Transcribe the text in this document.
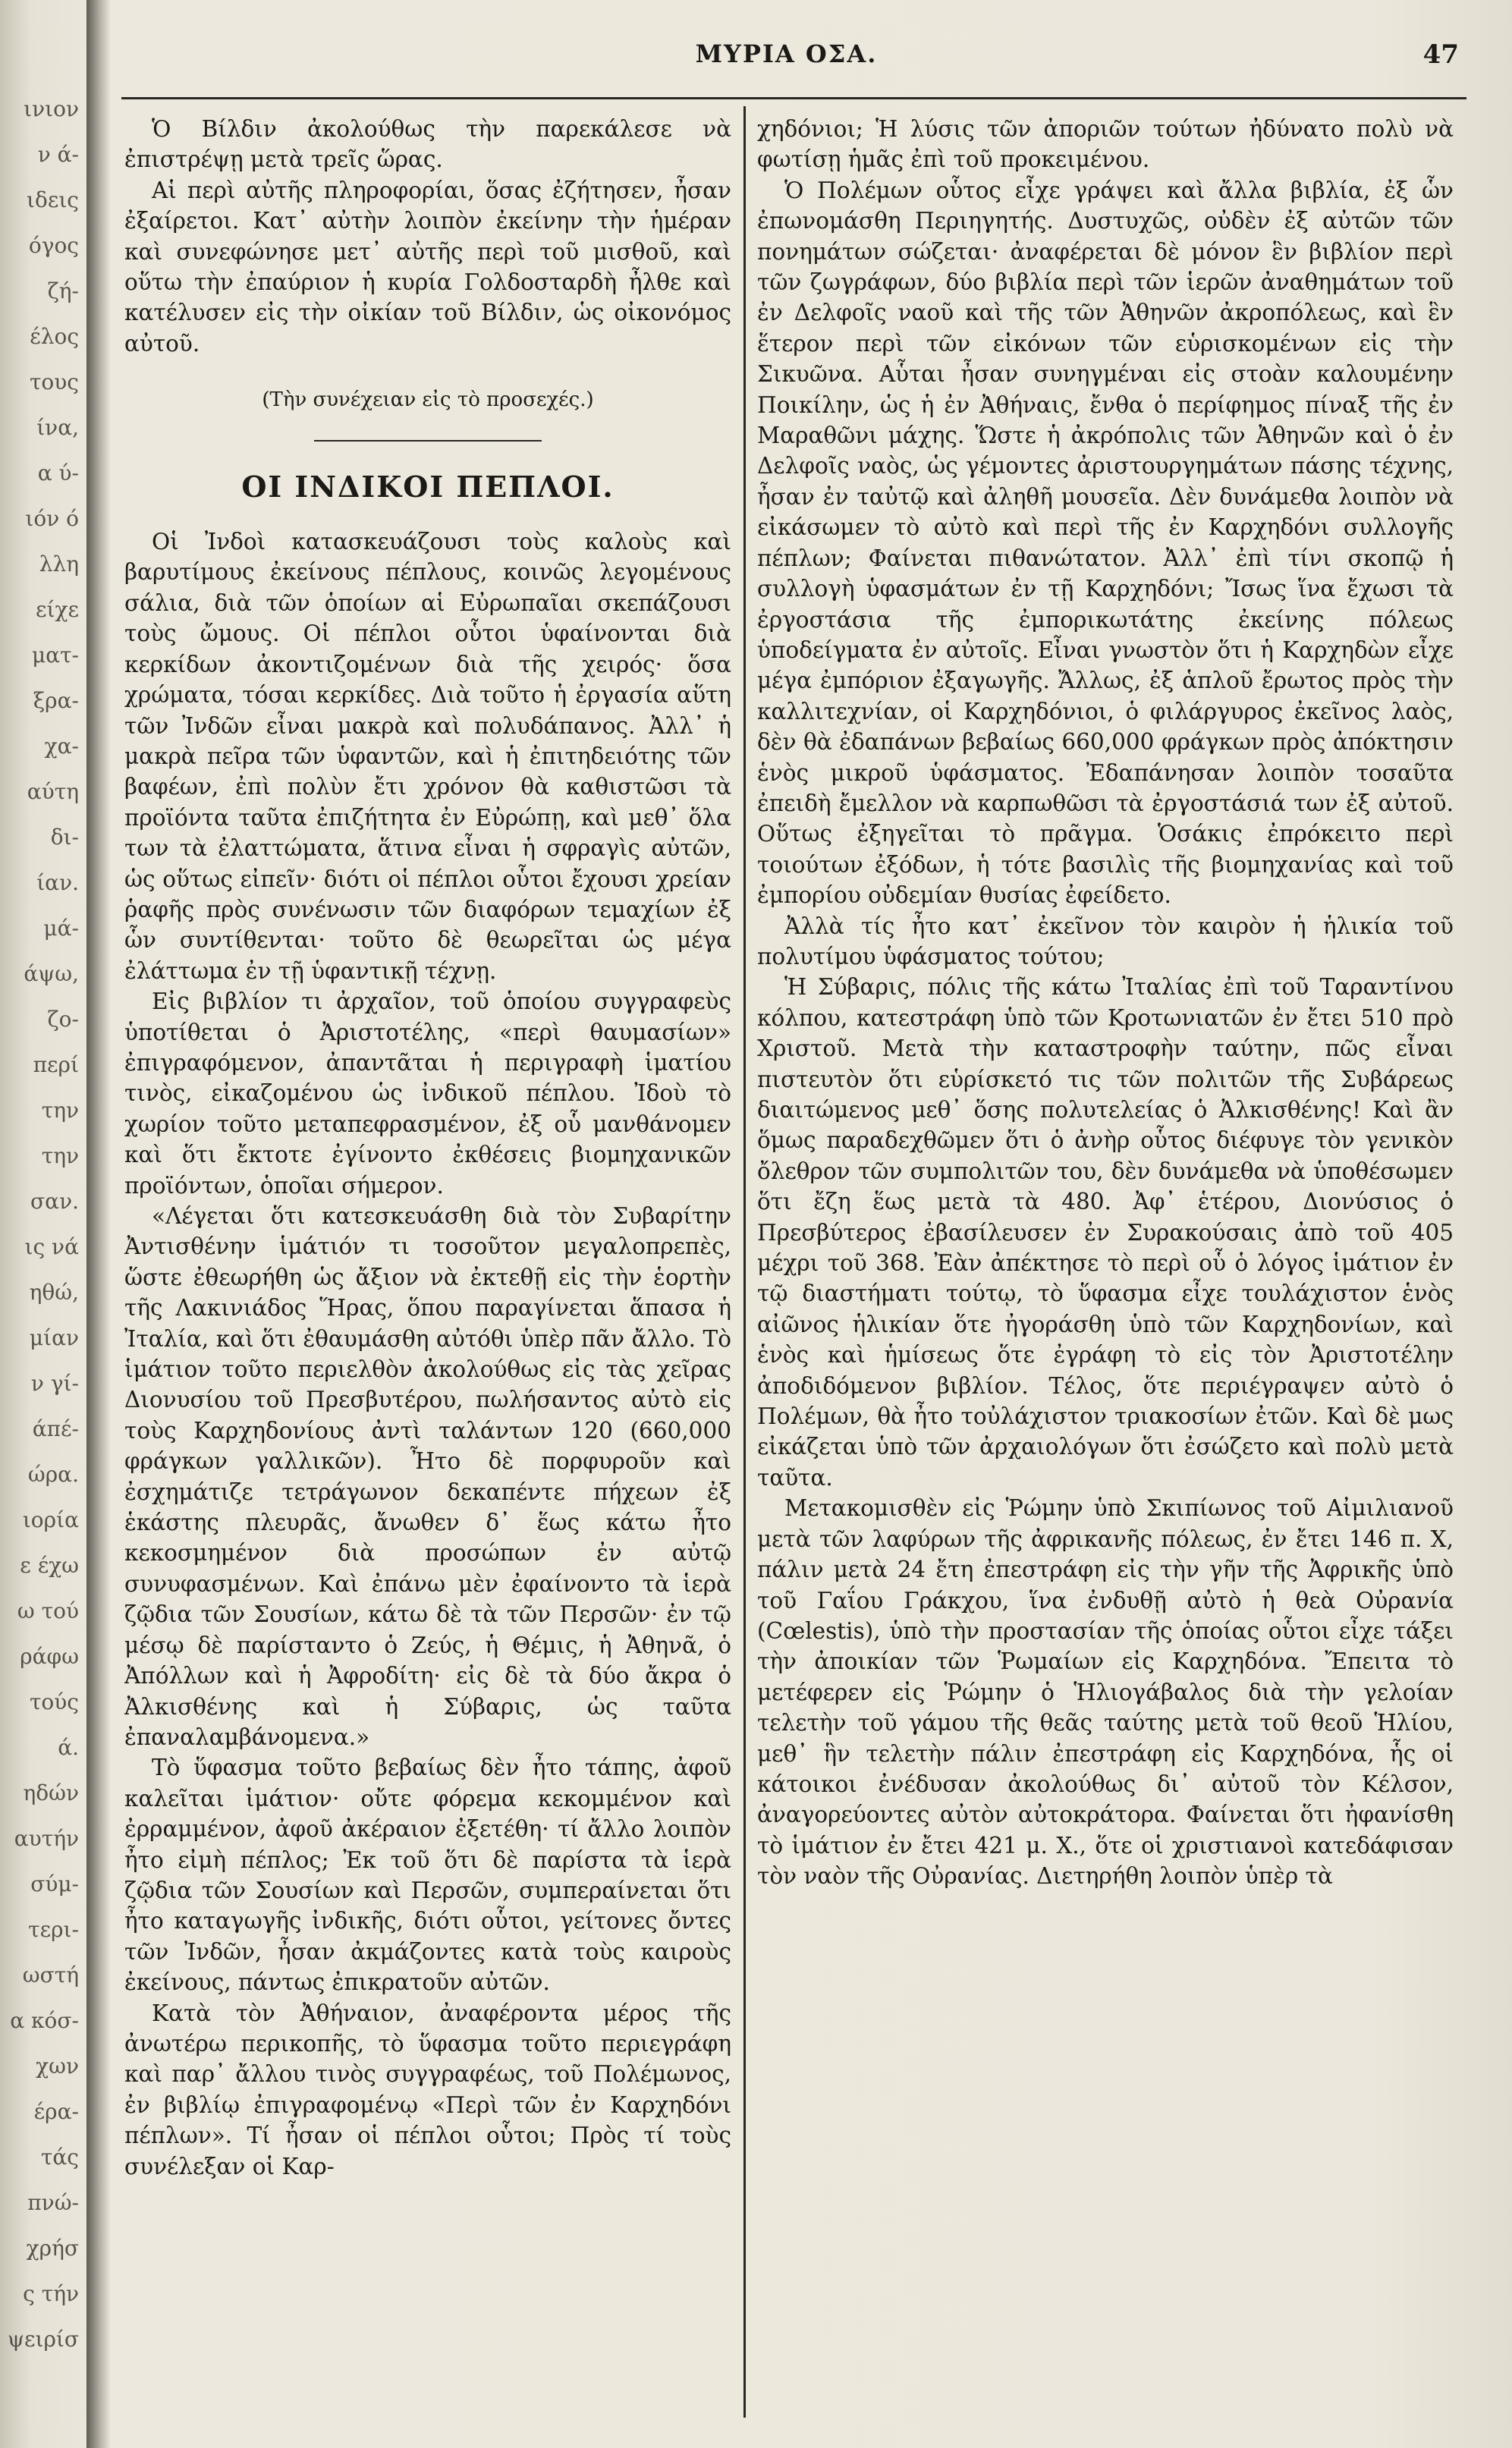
ινιον
ν ά-
ιδεις
όγος
ζή-
έλος
τους
ίνα,
α ύ-
ιόν ό
λλη
είχε
ματ-
ξρα-
χα-
αύτη
δι-
ίαν.
μά-
άψω,
ζο-
περί
την
την
σαν.
ις νά
ηθώ,
μίαν
ν γί-
άπέ-
ώρα.
ιορία
ε έχω
ω τού
ράφω
τούς
ά.
ηδών
αυτήν
σύμ-
τερι-
ωστή
α κόσ-
χων
έρα-
τάς
πνώ-
χρήσ
ς τήν
ψειρίσ
ΜΥΡΙΑ ΟΣΑ.	47

Ὁ Βίλδιν ἀκολούθως τὴν παρεκάλεσε νὰ ἐπιστρέψῃ μετὰ τρεῖς ὥρας.

Αἱ περὶ αὐτῆς πληροφορίαι, ὅσας ἐζήτησεν, ἦσαν ἐξαίρετοι. Κατ᾽ αὐτὴν λοιπὸν ἐκείνην τὴν ἡμέραν καὶ συνεφώνησε μετ᾽ αὐτῆς περὶ τοῦ μισθοῦ, καὶ οὕτω τὴν ἐπαύριον ἡ κυρία Γολδοσταρδὴ ἦλθε καὶ κατέλυσεν εἰς τὴν οἰκίαν τοῦ Βίλδιν, ὡς οἰκονόμος αὐτοῦ.

(Τὴν συνέχειαν εἰς τὸ προσεχές.)
ΟΙ ΙΝΔΙΚΟΙ ΠΕΠΛΟΙ.

Οἱ Ἰνδοὶ κατασκευάζουσι τοὺς καλοὺς καὶ βαρυτίμους ἐκείνους πέπλους, κοινῶς λεγομένους σάλια, διὰ τῶν ὁποίων αἱ Εὐρωπαῖαι σκεπάζουσι τοὺς ὤμους. Οἱ πέπλοι οὗτοι ὑφαίνονται διὰ κερκίδων ἀκοντιζομένων διὰ τῆς χειρός· ὅσα χρώματα, τόσαι κερκίδες. Διὰ τοῦτο ἡ ἐργασία αὕτη τῶν Ἰνδῶν εἶναι μακρὰ καὶ πολυδάπανος. Ἀλλ᾽ ἡ μακρὰ πεῖρα τῶν ὑφαντῶν, καὶ ἡ ἐπιτηδειότης τῶν βαφέων, ἐπὶ πολὺν ἔτι χρόνον θὰ καθιστῶσι τὰ προϊόντα ταῦτα ἐπιζήτητα ἐν Εὐρώπῃ, καὶ μεθ᾽ ὅλα των τὰ ἐλαττώματα, ἅτινα εἶναι ἡ σφραγὶς αὐτῶν, ὡς οὕτως εἰπεῖν· διότι οἱ πέπλοι οὗτοι ἔχουσι χρείαν ῥαφῆς πρὸς συνένωσιν τῶν διαφόρων τεμαχίων ἐξ ὧν συντίθενται· τοῦτο δὲ θεωρεῖται ὡς μέγα ἐλάττωμα ἐν τῇ ὑφαντικῇ τέχνῃ.

Εἰς βιβλίον τι ἀρχαῖον, τοῦ ὁποίου συγγραφεὺς ὑποτίθεται ὁ Ἀριστοτέλης, «περὶ θαυμασίων» ἐπιγραφόμενον, ἀπαντᾶται ἡ περιγραφὴ ἱματίου τινὸς, εἰκαζομένου ὡς ἰνδικοῦ πέπλου. Ἰδοὺ τὸ χωρίον τοῦτο μεταπεφρασμένον, ἐξ οὗ μανθάνομεν καὶ ὅτι ἔκτοτε ἐγίνοντο ἐκθέσεις βιομηχανικῶν προϊόντων, ὁποῖαι σήμερον.

«Λέγεται ὅτι κατεσκευάσθη διὰ τὸν Συβαρίτην Ἀντισθένην ἱμάτιόν τι τοσοῦτον μεγαλοπρεπὲς, ὥστε ἐθεωρήθη ὡς ἄξιον νὰ ἐκτεθῇ εἰς τὴν ἑορτὴν τῆς Λακινιάδος Ἥρας, ὅπου παραγίνεται ἅπασα ἡ Ἰταλία, καὶ ὅτι ἐθαυμάσθη αὐτόθι ὑπὲρ πᾶν ἄλλο. Τὸ ἱμάτιον τοῦτο περιελθὸν ἀκολούθως εἰς τὰς χεῖρας Διονυσίου τοῦ Πρεσβυτέρου, πωλήσαντος αὐτὸ εἰς τοὺς Καρχηδονίους ἀντὶ ταλάντων 120 (660,000 φράγκων γαλλικῶν). Ἦτο δὲ πορφυροῦν καὶ ἐσχημάτιζε τετράγωνον δεκαπέντε πήχεων ἐξ ἑκάστης πλευρᾶς, ἄνωθεν δ᾽ ἕως κάτω ἦτο κεκοσμημένον διὰ προσώπων ἐν αὐτῷ συνυφασμένων. Καὶ ἐπάνω μὲν ἐφαίνοντο τὰ ἱερὰ ζῷδια τῶν Σουσίων, κάτω δὲ τὰ τῶν Περσῶν· ἐν τῷ μέσῳ δὲ παρίσταντο ὁ Ζεύς, ἡ Θέμις, ἡ Ἀθηνᾶ, ὁ Ἀπόλλων καὶ ἡ Ἀφροδίτη· εἰς δὲ τὰ δύο ἄκρα ὁ Ἀλκισθένης καὶ ἡ Σύβαρις, ὡς ταῦτα ἐπαναλαμβάνομενα.»

Τὸ ὕφασμα τοῦτο βεβαίως δὲν ἦτο τάπης, ἀφοῦ καλεῖται ἱμάτιον· οὔτε φόρεμα κεκομμένον καὶ ἐρραμμένον, ἀφοῦ ἀκέραιον ἐξετέθη· τί ἄλλο λοιπὸν ἦτο εἰμὴ πέπλος; Ἐκ τοῦ ὅτι δὲ παρίστα τὰ ἱερὰ ζῷδια τῶν Σουσίων καὶ Περσῶν, συμπεραίνεται ὅτι ἦτο καταγωγῆς ἰνδικῆς, διότι οὗτοι, γείτονες ὄντες τῶν Ἰνδῶν, ἦσαν ἀκμάζοντες κατὰ τοὺς καιροὺς ἐκείνους, πάντως ἐπικρατοῦν αὐτῶν.

Κατὰ τὸν Ἀθήναιον, ἀναφέροντα μέρος τῆς ἀνωτέρω περικοπῆς, τὸ ὕφασμα τοῦτο περιεγράφη καὶ παρ᾽ ἄλλου τινὸς συγγραφέως, τοῦ Πολέμωνος, ἐν βιβλίῳ ἐπιγραφομένῳ «Περὶ τῶν ἐν Καρχηδόνι πέπλων». Τί ἦσαν οἱ πέπλοι οὗτοι; Πρὸς τί τοὺς συνέλεξαν οἱ Καρ-

χηδόνιοι; Ἡ λύσις τῶν ἀποριῶν τούτων ἠδύνατο πολὺ νὰ φωτίσῃ ἡμᾶς ἐπὶ τοῦ προκειμένου.

Ὁ Πολέμων οὗτος εἶχε γράψει καὶ ἄλλα βιβλία, ἐξ ὧν ἐπωνομάσθη Περιηγητής. Δυστυχῶς, οὐδὲν ἐξ αὐτῶν τῶν πονημάτων σώζεται· ἀναφέρεται δὲ μόνον ἓν βιβλίον περὶ τῶν ζωγράφων, δύο βιβλία περὶ τῶν ἱερῶν ἀναθημάτων τοῦ ἐν Δελφοῖς ναοῦ καὶ τῆς τῶν Ἀθηνῶν ἀκροπόλεως, καὶ ἓν ἕτερον περὶ τῶν εἰκόνων τῶν εὑρισκομένων εἰς τὴν Σικυῶνα. Αὗται ἦσαν συνηγμέναι εἰς στοὰν καλουμένην Ποικίλην, ὡς ἡ ἐν Ἀθήναις, ἔνθα ὁ περίφημος πίναξ τῆς ἐν Μαραθῶνι μάχης. Ὥστε ἡ ἀκρόπολις τῶν Ἀθηνῶν καὶ ὁ ἐν Δελφοῖς ναὸς, ὡς γέμοντες ἀριστουργημάτων πάσης τέχνης, ἦσαν ἐν ταὐτῷ καὶ ἀληθῆ μουσεῖα. Δὲν δυνάμεθα λοιπὸν νὰ εἰκάσωμεν τὸ αὐτὸ καὶ περὶ τῆς ἐν Καρχηδόνι συλλογῆς πέπλων; Φαίνεται πιθανώτατον. Ἀλλ᾽ ἐπὶ τίνι σκοπῷ ἡ συλλογὴ ὑφασμάτων ἐν τῇ Καρχηδόνι; Ἴσως ἵνα ἔχωσι τὰ ἐργοστάσια τῆς ἐμπορικωτάτης ἐκείνης πόλεως ὑποδείγματα ἐν αὐτοῖς. Εἶναι γνωστὸν ὅτι ἡ Καρχηδὼν εἶχε μέγα ἐμπόριον ἐξαγωγῆς. Ἄλλως, ἐξ ἁπλοῦ ἔρωτος πρὸς τὴν καλλιτεχνίαν, οἱ Καρχηδόνιοι, ὁ φιλάργυρος ἐκεῖνος λαὸς, δὲν θὰ ἐδαπάνων βεβαίως 660,000 φράγκων πρὸς ἀπόκτησιν ἑνὸς μικροῦ ὑφάσματος. Ἐδαπάνησαν λοιπὸν τοσαῦτα ἐπειδὴ ἔμελλον νὰ καρπωθῶσι τὰ ἐργοστάσιά των ἐξ αὐτοῦ. Οὕτως ἐξηγεῖται τὸ πρᾶγμα. Ὁσάκις ἐπρόκειτο περὶ τοιούτων ἐξόδων, ἡ τότε βασιλὶς τῆς βιομηχανίας καὶ τοῦ ἐμπορίου οὐδεμίαν θυσίας ἐφείδετο.

Ἀλλὰ τίς ἦτο κατ᾽ ἐκεῖνον τὸν καιρὸν ἡ ἡλικία τοῦ πολυτίμου ὑφάσματος τούτου;

Ἡ Σύβαρις, πόλις τῆς κάτω Ἰταλίας ἐπὶ τοῦ Ταραντίνου κόλπου, κατεστράφη ὑπὸ τῶν Κροτωνιατῶν ἐν ἔτει 510 πρὸ Χριστοῦ. Μετὰ τὴν καταστροφὴν ταύτην, πῶς εἶναι πιστευτὸν ὅτι εὑρίσκετό τις τῶν πολιτῶν τῆς Συβάρεως διαιτώμενος μεθ᾽ ὅσης πολυτελείας ὁ Ἀλκισθένης! Καὶ ἂν ὅμως παραδεχθῶμεν ὅτι ὁ ἀνὴρ οὗτος διέφυγε τὸν γενικὸν ὄλεθρον τῶν συμπολιτῶν του, δὲν δυνάμεθα νὰ ὑποθέσωμεν ὅτι ἔζη ἕως μετὰ τὰ 480. Ἀφ᾽ ἑτέρου, Διονύσιος ὁ Πρεσβύτερος ἐβασίλευσεν ἐν Συρακούσαις ἀπὸ τοῦ 405 μέχρι τοῦ 368. Ἐὰν ἀπέκτησε τὸ περὶ οὗ ὁ λόγος ἱμάτιον ἐν τῷ διαστήματι τούτῳ, τὸ ὕφασμα εἶχε τουλάχιστον ἑνὸς αἰῶνος ἡλικίαν ὅτε ἠγοράσθη ὑπὸ τῶν Καρχηδονίων, καὶ ἑνὸς καὶ ἡμίσεως ὅτε ἐγράφη τὸ εἰς τὸν Ἀριστοτέλην ἀποδιδόμενον βιβλίον. Τέλος, ὅτε περιέγραψεν αὐτὸ ὁ Πολέμων, θὰ ἦτο τοὐλάχιστον τριακοσίων ἐτῶν. Καὶ δὲ μως εἰκάζεται ὑπὸ τῶν ἀρχαιολόγων ὅτι ἐσώζετο καὶ πολὺ μετὰ ταῦτα.

Μετακομισθὲν εἰς Ῥώμην ὑπὸ Σκιπίωνος τοῦ Αἰμιλιανοῦ μετὰ τῶν λαφύρων τῆς ἀφρικανῆς πόλεως, ἐν ἔτει 146 π. Χ, πάλιν μετὰ 24 ἔτη ἐπεστράφη εἰς τὴν γῆν τῆς Ἀφρικῆς ὑπὸ τοῦ Γαΐου Γράκχου, ἵνα ἐνδυθῇ αὐτὸ ἡ θεὰ Οὐρανία (Cœlestis), ὑπὸ τὴν προστασίαν τῆς ὁποίας οὗτοι εἶχε τάξει τὴν ἀποικίαν τῶν Ῥωμαίων εἰς Καρχηδόνα. Ἔπειτα τὸ μετέφερεν εἰς Ῥώμην ὁ Ἡλιογάβαλος διὰ τὴν γελοίαν τελετὴν τοῦ γάμου τῆς θεᾶς ταύτης μετὰ τοῦ θεοῦ Ἡλίου, μεθ᾽ ἣν τελετὴν πάλιν ἐπεστράφη εἰς Καρχηδόνα, ἧς οἱ κάτοικοι ἐνέδυσαν ἀκολούθως δι᾽ αὐτοῦ τὸν Κέλσον, ἀναγορεύοντες αὐτὸν αὐτοκράτορα. Φαίνεται ὅτι ἠφανίσθη τὸ ἱμάτιον ἐν ἔτει 421 μ. Χ., ὅτε οἱ χριστιανοὶ κατεδάφισαν τὸν ναὸν τῆς Οὐρανίας. Διετηρήθη λοιπὸν ὑπὲρ τὰ
